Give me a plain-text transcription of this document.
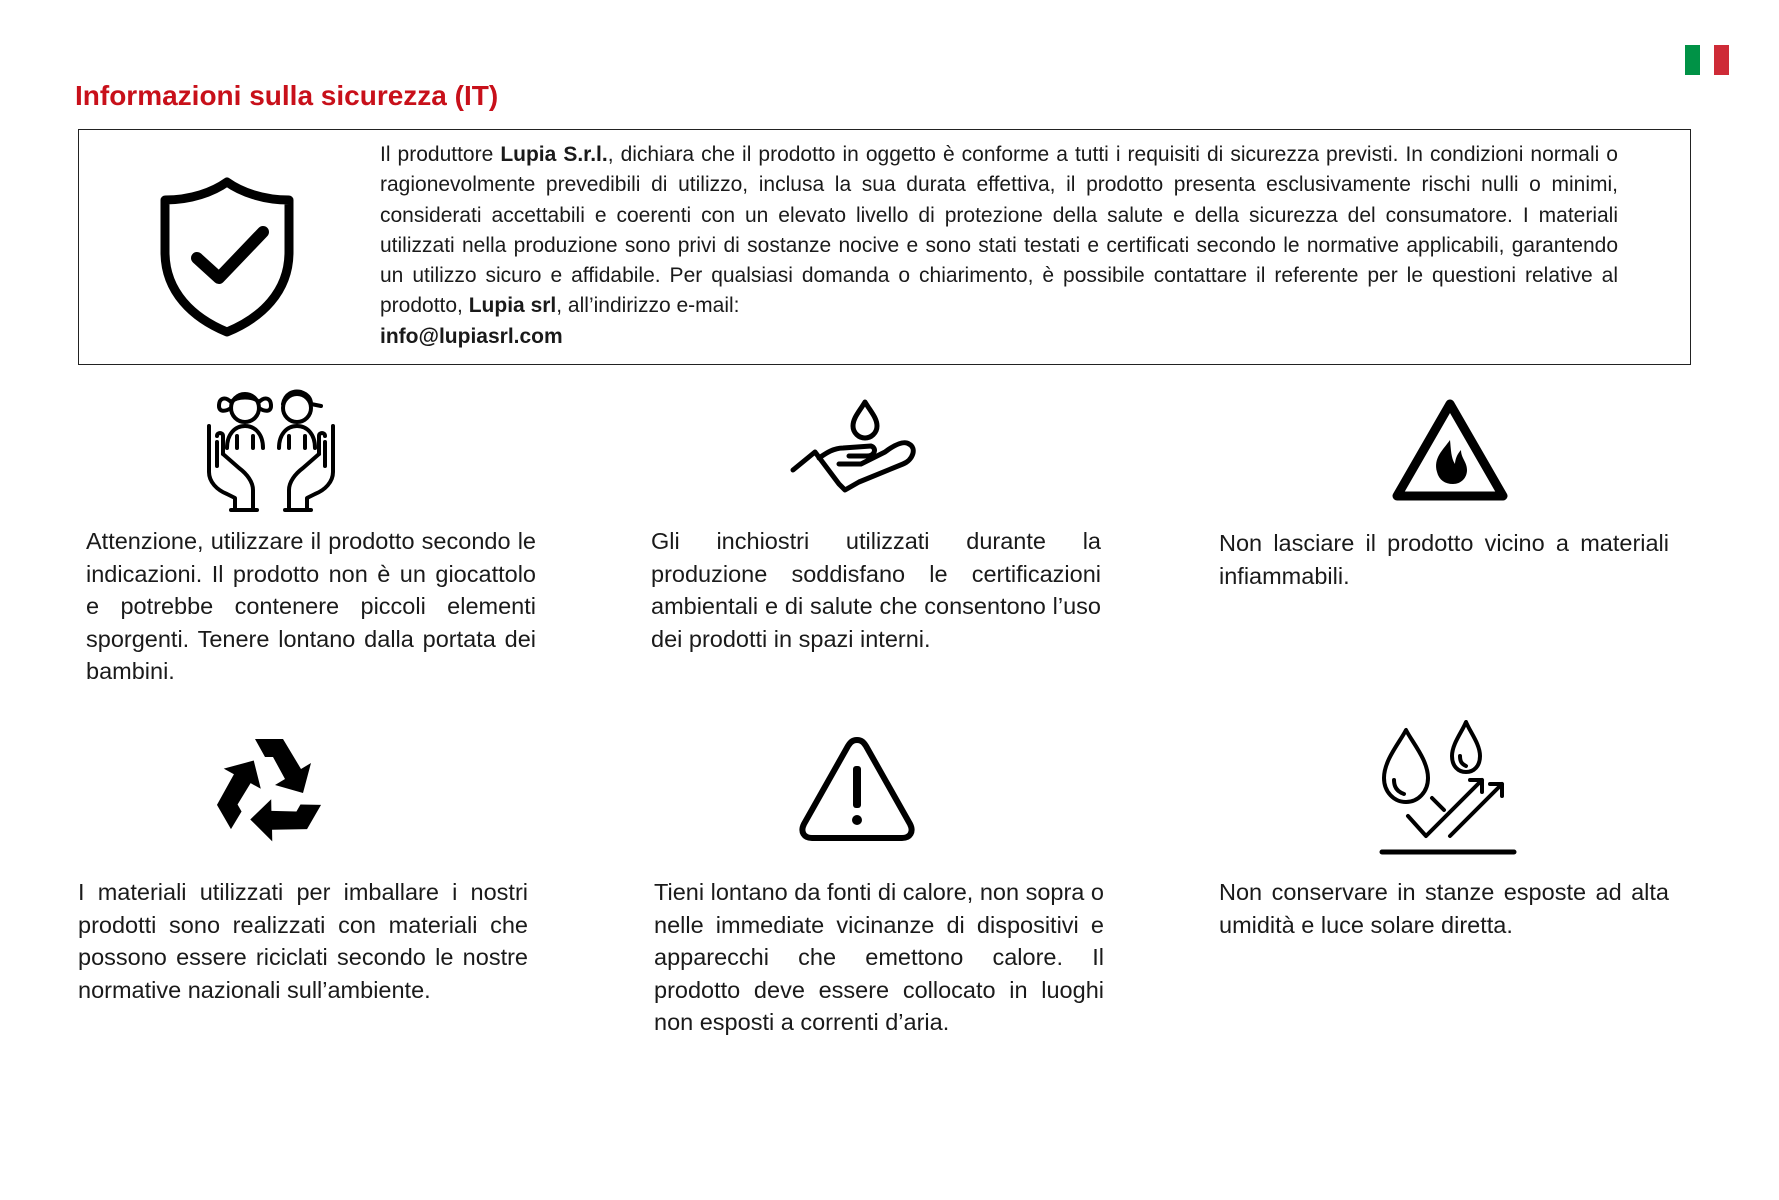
Informazioni sulla sicurezza (IT)

Il produttore Lupia S.r.l., dichiara che il prodotto in oggetto è conforme a tutti i requisiti di sicurezza previsti. In condizioni normali o ragionevolmente prevedibili di utilizzo, inclusa la sua durata effettiva, il prodotto presenta esclusivamente rischi nulli o minimi, considerati accettabili e coerenti con un elevato livello di protezione della salute e della sicurezza del consumatore. I materiali utilizzati nella produzione sono privi di sostanze nocive e sono stati testati e certificati secondo le normative applicabili, garantendo un utilizzo sicuro e affidabile. Per qualsiasi domanda o chiarimento, è possibile contattare il referente per le questioni relative al prodotto, Lupia srl, all’indirizzo e-mail:
info@lupiasrl.com

Attenzione, utilizzare il prodotto secondo le indicazioni. Il prodotto non è un giocattolo e potrebbe contenere piccoli elementi sporgenti. Tenere lontano dalla portata dei bambini.

Gli inchiostri utilizzati durante la produzione soddisfano le certificazioni ambientali e di salute che consentono l’uso dei prodotti in spazi interni.

Non lasciare il prodotto vicino a materiali infiammabili.

I materiali utilizzati per imballare i nostri prodotti sono realizzati con materiali che possono essere riciclati secondo le nostre normative nazionali sull’ambiente.

Tieni lontano da fonti di calore, non sopra o nelle immediate vicinanze di dispositivi e apparecchi che emettono calore. Il prodotto deve essere collocato in luoghi non esposti a correnti d’aria.

Non conservare in stanze esposte ad alta umidità e luce solare diretta.
